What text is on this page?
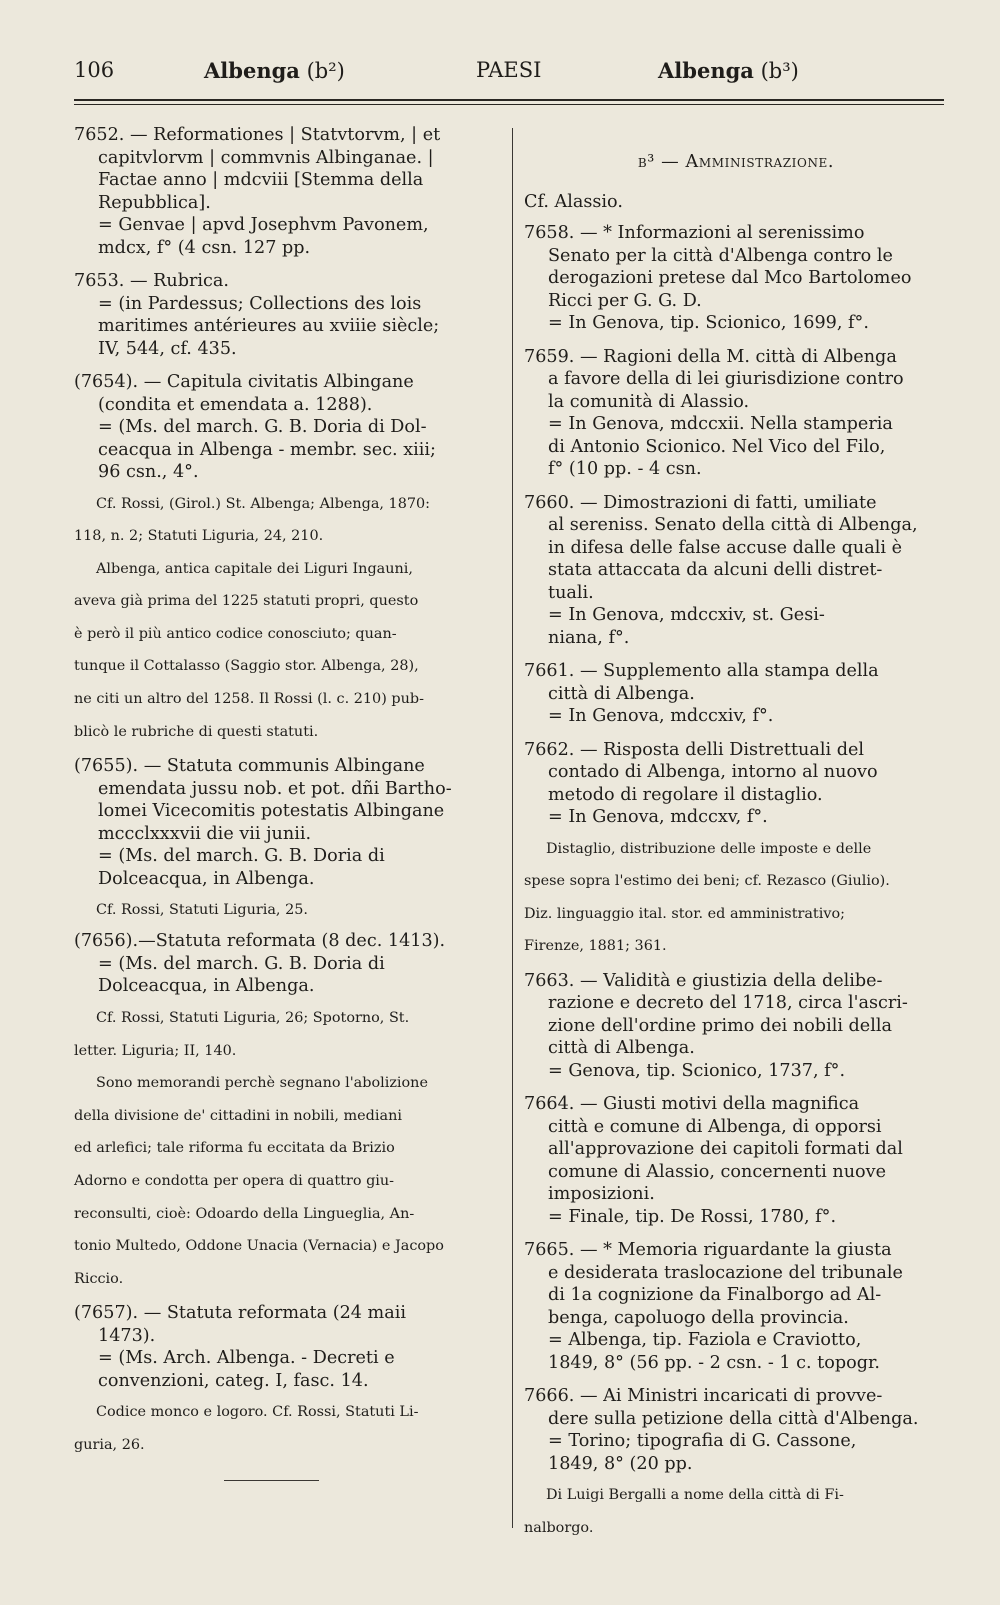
106	Albenga (b²)	PAESI	Albenga (b³)

7652. — Reformationes | Statvtorvm, | et

capitvlorvm | commvnis Albinganae. |

Factae anno | mdcviii [Stemma della

Repubblica].

= Genvae | apvd Josephvm Pavonem,

mdcx, f° (4 csn. 127 pp.

7653. — Rubrica.

= (in Pardessus; Collections des lois

maritimes antérieures au xviiie siècle;

IV, 544, cf. 435.

(7654). — Capitula civitatis Albingane

(condita et emendata a. 1288).

= (Ms. del march. G. B. Doria di Dol-

ceacqua in Albenga - membr. sec. xiii;

96 csn., 4°.

Cf. Rossi, (Girol.) St. Albenga; Albenga, 1870:

118, n. 2; Statuti Liguria, 24, 210.

Albenga, antica capitale dei Liguri Ingauni,

aveva già prima del 1225 statuti propri, questo

è però il più antico codice conosciuto; quan-

tunque il Cottalasso (Saggio stor. Albenga, 28),

ne citi un altro del 1258. Il Rossi (l. c. 210) pub-

blicò le rubriche di questi statuti.

(7655). — Statuta communis Albingane

emendata jussu nob. et pot. dñi Bartho-

lomei Vicecomitis potestatis Albingane

mccclxxxvii die vii junii.

= (Ms. del march. G. B. Doria di

Dolceacqua, in Albenga.

Cf. Rossi, Statuti Liguria, 25.

(7656).—Statuta reformata (8 dec. 1413).

= (Ms. del march. G. B. Doria di

Dolceacqua, in Albenga.

Cf. Rossi, Statuti Liguria, 26; Spotorno, St.

letter. Liguria; II, 140.

Sono memorandi perchè segnano l'abolizione

della divisione de' cittadini in nobili, mediani

ed arlefici; tale riforma fu eccitata da Brizio

Adorno e condotta per opera di quattro giu-

reconsulti, cioè: Odoardo della Lingueglia, An-

tonio Multedo, Oddone Unacia (Vernacia) e Jacopo

Riccio.

(7657). — Statuta reformata (24 maii

1473).

= (Ms. Arch. Albenga. - Decreti e

convenzioni, categ. I, fasc. 14.

Codice monco e logoro. Cf. Rossi, Statuti Li-

guria, 26.

b³ — Amministrazione.
Cf. Alassio.

7658. — * Informazioni al serenissimo

Senato per la città d'Albenga contro le

derogazioni pretese dal Mco Bartolomeo

Ricci per G. G. D.

= In Genova, tip. Scionico, 1699, f°.

7659. — Ragioni della M. città di Albenga

a favore della di lei giurisdizione contro

la comunità di Alassio.

= In Genova, mdccxii. Nella stamperia

di Antonio Scionico. Nel Vico del Filo,

f° (10 pp. - 4 csn.

7660. — Dimostrazioni di fatti, umiliate

al sereniss. Senato della città di Albenga,

in difesa delle false accuse dalle quali è

stata attaccata da alcuni delli distret-

tuali.

= In Genova, mdccxiv, st. Gesi-

niana, f°.

7661. — Supplemento alla stampa della

città di Albenga.

= In Genova, mdccxiv, f°.

7662. — Risposta delli Distrettuali del

contado di Albenga, intorno al nuovo

metodo di regolare il distaglio.

= In Genova, mdccxv, f°.

Distaglio, distribuzione delle imposte e delle

spese sopra l'estimo dei beni; cf. Rezasco (Giulio).

Diz. linguaggio ital. stor. ed amministrativo;

Firenze, 1881; 361.

7663. — Validità e giustizia della delibe-

razione e decreto del 1718, circa l'ascri-

zione dell'ordine primo dei nobili della

città di Albenga.

= Genova, tip. Scionico, 1737, f°.

7664. — Giusti motivi della magnifica

città e comune di Albenga, di opporsi

all'approvazione dei capitoli formati dal

comune di Alassio, concernenti nuove

imposizioni.

= Finale, tip. De Rossi, 1780, f°.

7665. — * Memoria riguardante la giusta

e desiderata traslocazione del tribunale

di 1a cognizione da Finalborgo ad Al-

benga, capoluogo della provincia.

= Albenga, tip. Faziola e Craviotto,

1849, 8° (56 pp. - 2 csn. - 1 c. topogr.

7666. — Ai Ministri incaricati di provve-

dere sulla petizione della città d'Albenga.

= Torino; tipografia di G. Cassone,

1849, 8° (20 pp.

Di Luigi Bergalli a nome della città di Fi-

nalborgo.
